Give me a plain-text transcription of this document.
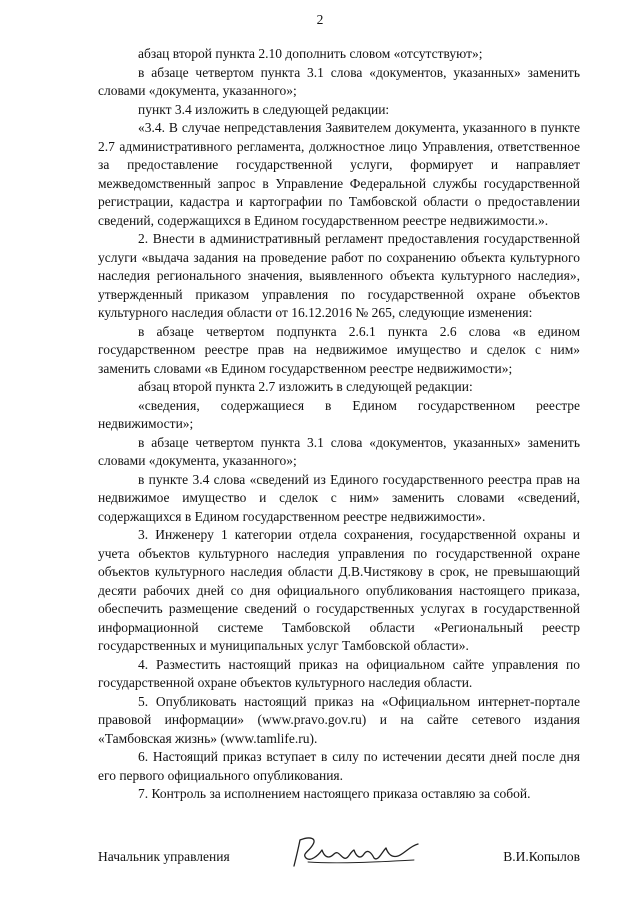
2

абзац второй пункта 2.10 дополнить словом «отсутствуют»;

в абзаце четвертом пункта 3.1 слова «документов, указанных» заменить словами «документа, указанного»;

пункт 3.4 изложить в следующей редакции:

«3.4. В случае непредставления Заявителем документа, указанного в пункте 2.7 административного регламента, должностное лицо Управления, ответственное за предоставление государственной услуги, формирует и направляет межведомственный запрос в Управление Федеральной службы государственной регистрации, кадастра и картографии по Тамбовской области о предоставлении сведений, содержащихся в Едином государственном реестре недвижимости.».

2. Внести в административный регламент предоставления государственной услуги «выдача задания на проведение работ по сохранению объекта культурного наследия регионального значения, выявленного объекта культурного наследия», утвержденный приказом управления по государственной охране объектов культурного наследия области от 16.12.2016 № 265, следующие изменения:

в абзаце четвертом подпункта 2.6.1 пункта 2.6 слова «в едином государственном реестре прав на недвижимое имущество и сделок с ним» заменить словами «в Едином государственном реестре недвижимости»;

абзац второй пункта 2.7 изложить в следующей редакции:

«сведения, содержащиеся в Едином государственном реестре недвижимости»;

в абзаце четвертом пункта 3.1 слова «документов, указанных» заменить словами «документа, указанного»;

в пункте 3.4 слова «сведений из Единого государственного реестра прав на недвижимое имущество и сделок с ним» заменить словами «сведений, содержащихся в Едином государственном реестре недвижимости».

3. Инженеру 1 категории отдела сохранения, государственной охраны и учета объектов культурного наследия управления по государственной охране объектов культурного наследия области Д.В.Чистякову в срок, не превышающий десяти рабочих дней со дня официального опубликования настоящего приказа, обеспечить размещение сведений о государственных услугах в государственной информационной системе Тамбовской области «Региональный реестр государственных и муниципальных услуг Тамбовской области».

4. Разместить настоящий приказ на официальном сайте управления по государственной охране объектов культурного наследия области.

5. Опубликовать настоящий приказ на «Официальном интернет-портале правовой информации» (www.pravo.gov.ru) и на сайте сетевого издания «Тамбовская жизнь» (www.tamlife.ru).

6. Настоящий приказ вступает в силу по истечении десяти дней после дня его первого официального опубликования.

7. Контроль за исполнением настоящего приказа оставляю за собой.

Начальник управления	В.И.Копылов
